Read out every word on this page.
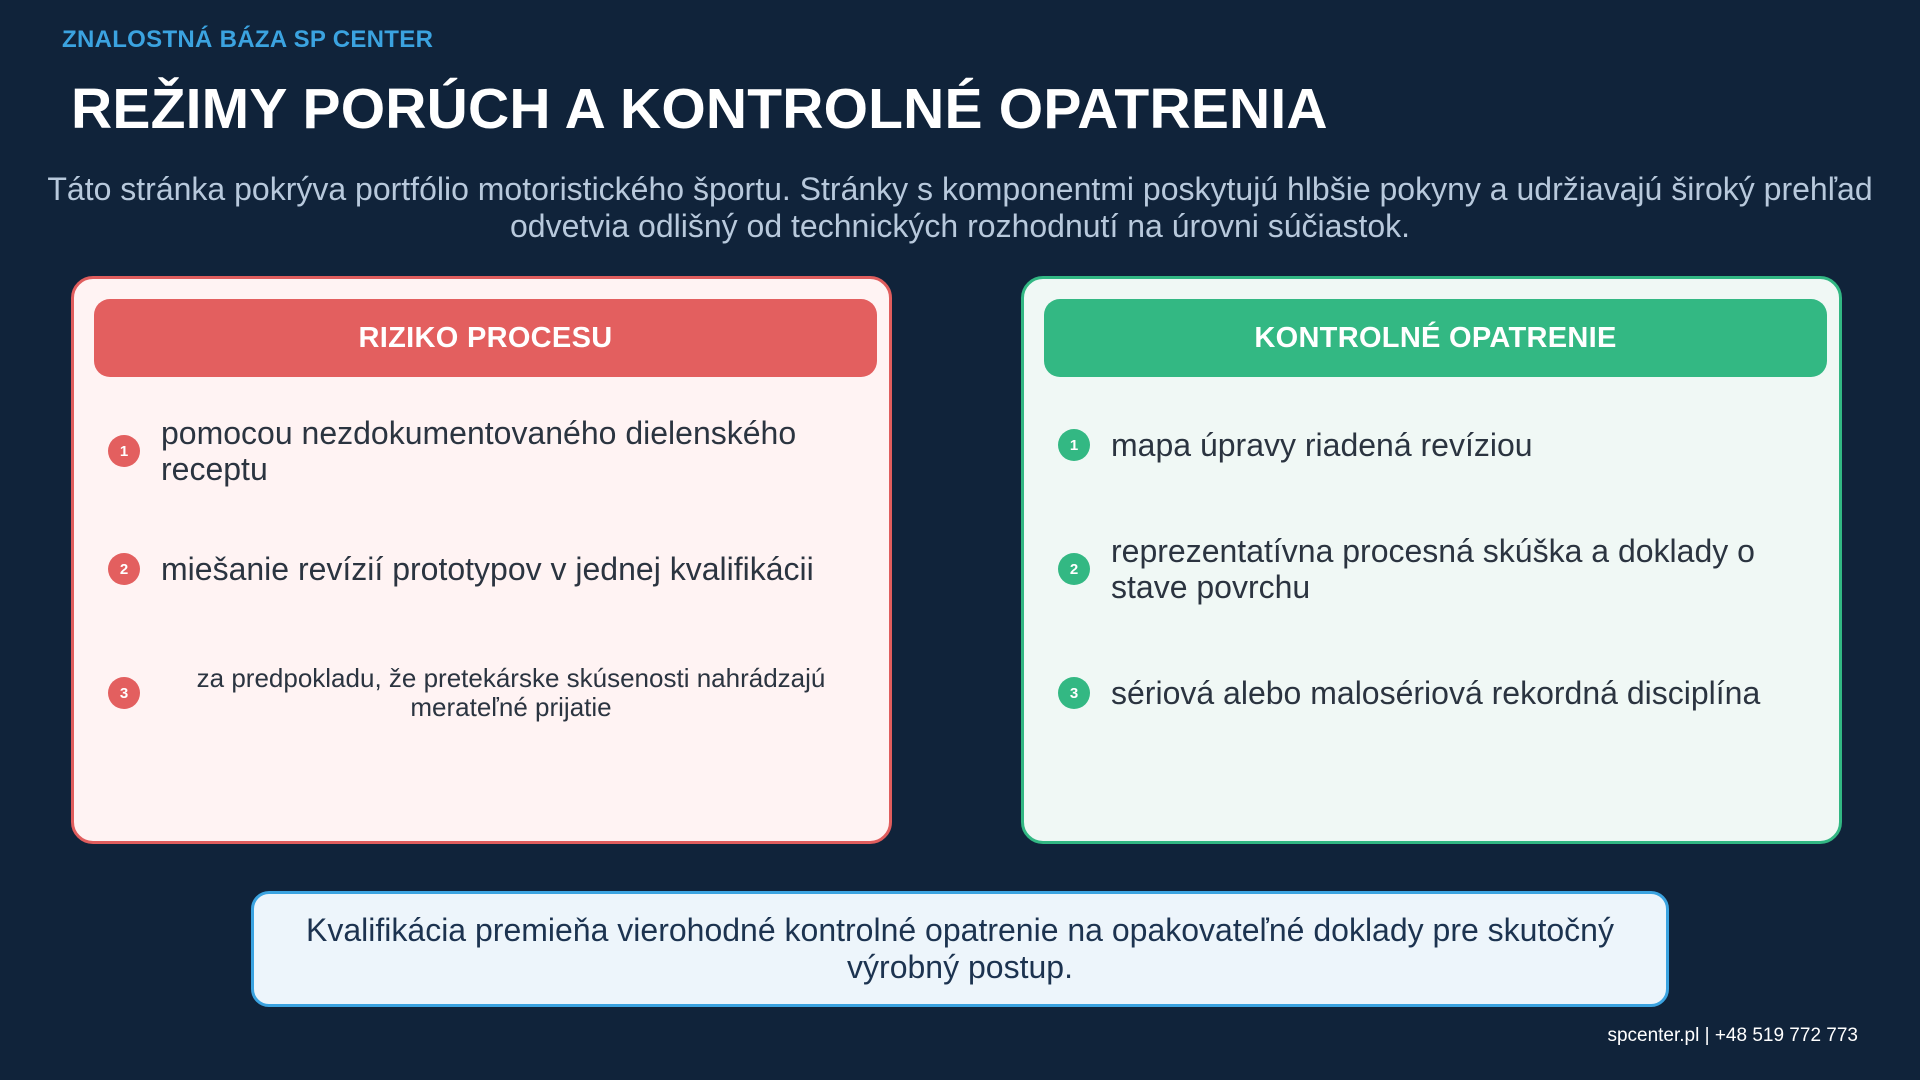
ZNALOSTNÁ BÁZA SP CENTER
REŽIMY PORÚCH A KONTROLNÉ OPATRENIA

Táto stránka pokrýva portfólio motoristického športu. Stránky s komponentmi poskytujú hlbšie pokyny a udržiavajú široký prehľad odvetvia odlišný od technických rozhodnutí na úrovni súčiastok.

RIZIKO PROCESU
1	pomocou nezdokumentovaného dielenského receptu
2	miešanie revízií prototypov v jednej kvalifikácii
3	za predpokladu, že pretekárske skúsenosti nahrádzajú merateľné prijatie
KONTROLNÉ OPATRENIE
1	mapa úpravy riadená revíziou
2	reprezentatívna procesná skúška a doklady o stave povrchu
3	sériová alebo malosériová rekordná disciplína
Kvalifikácia premieňa vierohodné kontrolné opatrenie na opakovateľné doklady pre skutočný výrobný postup.
spcenter.pl | +48 519 772 773
